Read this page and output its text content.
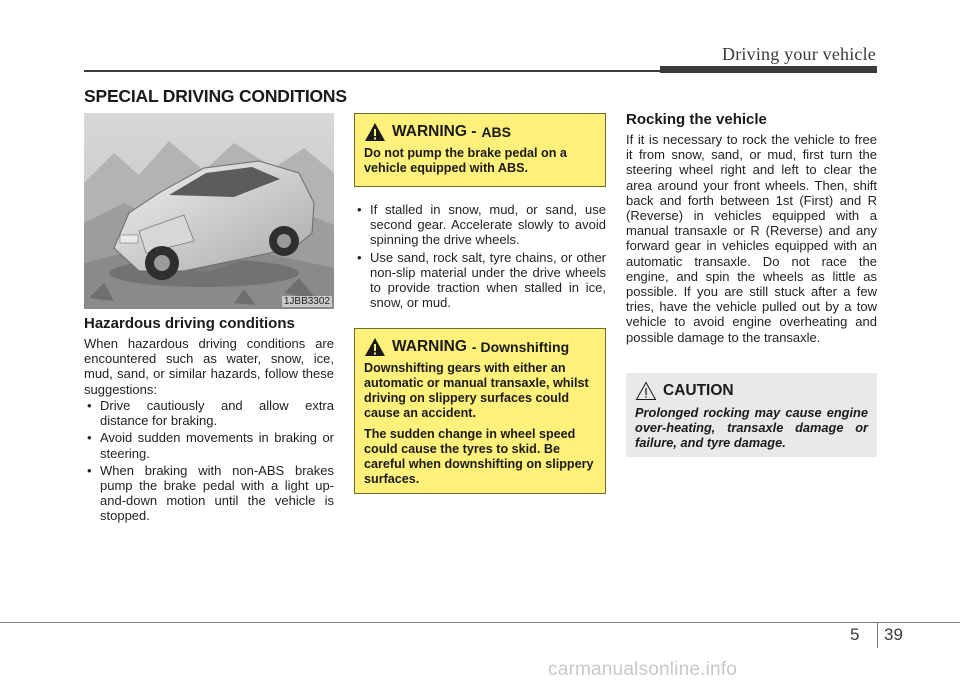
Driving your vehicle
SPECIAL DRIVING CONDITIONS
1JBB3302
Hazardous driving conditions
When hazardous driving conditions are encountered such as water, snow, ice, mud, sand, or similar hazards, follow these suggestions:
• Drive cautiously and allow extra distance for braking.
• Avoid sudden movements in braking or steering.
• When braking with non-ABS brakes pump the brake pedal with a light up-and-down motion until the vehicle is stopped.
WARNING - ABS

Do not pump the brake pedal on a vehicle equipped with ABS.

• If stalled in snow, mud, or sand, use second gear. Accelerate slowly to avoid spinning the drive wheels.
• Use sand, rock salt, tyre chains, or other non-slip material under the drive wheels to provide traction when stalled in ice, snow, or mud.
WARNING - Downshifting

Downshifting gears with either an automatic or manual transaxle, whilst driving on slippery surfaces could cause an accident.

The sudden change in wheel speed could cause the tyres to skid. Be careful when downshifting on slippery surfaces.

Rocking the vehicle
If it is necessary to rock the vehicle to free it from snow, sand, or mud, first turn the steering wheel right and left to clear the area around your front wheels. Then, shift back and forth between 1st (First) and R (Reverse) in vehicles equipped with a manual transaxle or R (Reverse) and any forward gear in vehicles equipped with an automatic transaxle. Do not race the engine, and spin the wheels as little as possible. If you are still stuck after a few tries, have the vehicle pulled out by a tow vehicle to avoid engine overheating and possible damage to the transaxle.
CAUTION
Prolonged rocking may cause engine over-heating, transaxle damage or failure, and tyre damage.
5 39
carmanualsonline.info
